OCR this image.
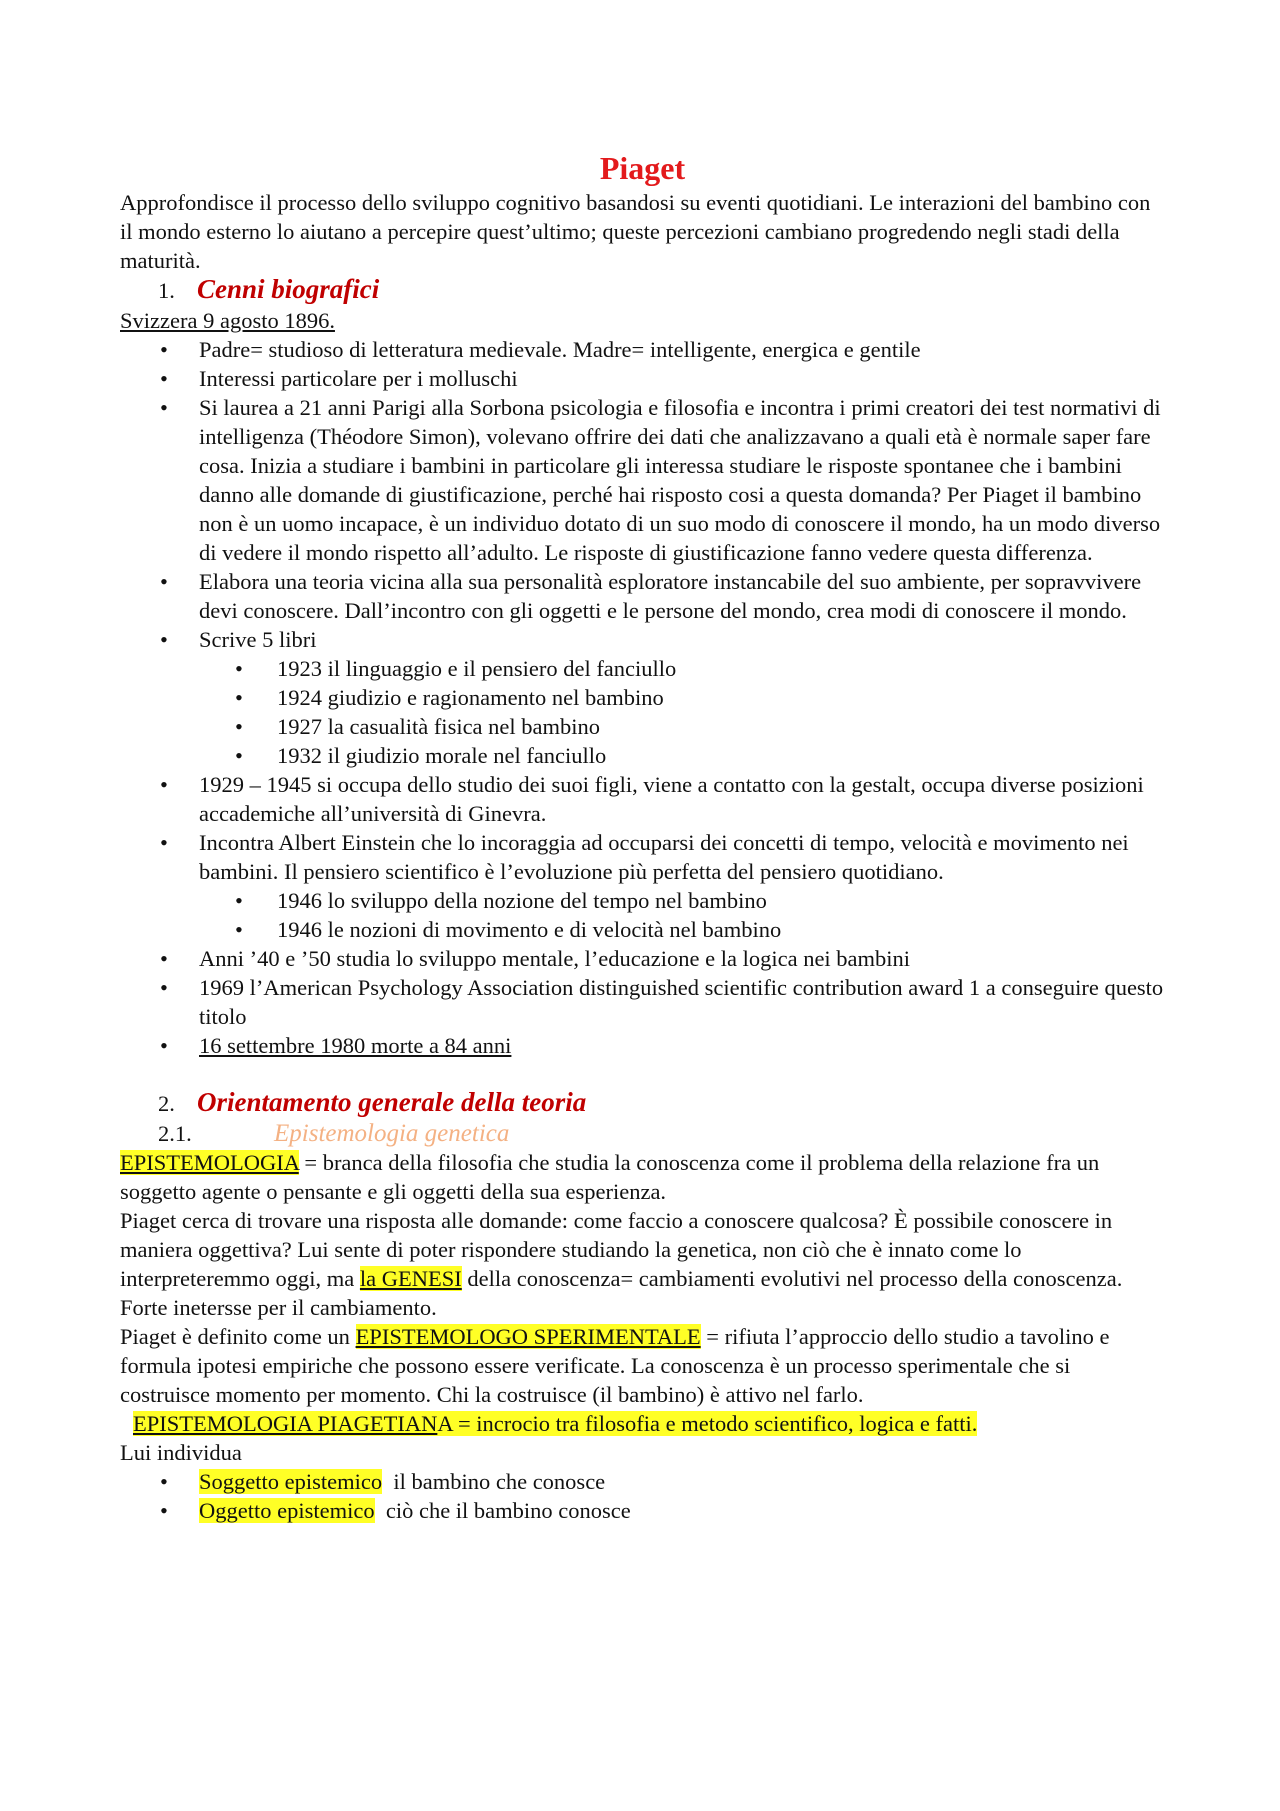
Piaget

Approfondisce il processo dello sviluppo cognitivo basandosi su eventi quotidiani. Le interazioni del bambino con il mondo esterno lo aiutano a percepire quest’ultimo; queste percezioni cambiano progredendo negli stadi della maturità.

1. Cenni biografici

Svizzera 9 agosto 1896.

• Padre= studioso di letteratura medievale. Madre= intelligente, energica e gentile
• Interessi particolare per i molluschi
• Si laurea a 21 anni Parigi alla Sorbona psicologia e filosofia e incontra i primi creatori dei test normativi di intelligenza (Théodore Simon), volevano offrire dei dati che analizzavano a quali età è normale saper fare cosa. Inizia a studiare i bambini in particolare gli interessa studiare le risposte spontanee che i bambini danno alle domande di giustificazione, perché hai risposto cosi a questa domanda? Per Piaget il bambino non è un uomo incapace, è un individuo dotato di un suo modo di conoscere il mondo, ha un modo diverso di vedere il mondo rispetto all’adulto. Le risposte di giustificazione fanno vedere questa differenza.
• Elabora una teoria vicina alla sua personalità esploratore instancabile del suo ambiente, per sopravvivere devi conoscere. Dall’incontro con gli oggetti e le persone del mondo, crea modi di conoscere il mondo.
• Scrive 5 libri
• 1923 il linguaggio e il pensiero del fanciullo
• 1924 giudizio e ragionamento nel bambino
• 1927 la casualità fisica nel bambino
• 1932 il giudizio morale nel fanciullo
• 1929 – 1945 si occupa dello studio dei suoi figli, viene a contatto con la gestalt, occupa diverse posizioni accademiche all’università di Ginevra.
• Incontra Albert Einstein che lo incoraggia ad occuparsi dei concetti di tempo, velocità e movimento nei bambini. Il pensiero scientifico è l’evoluzione più perfetta del pensiero quotidiano.
• 1946 lo sviluppo della nozione del tempo nel bambino
• 1946 le nozioni di movimento e di velocità nel bambino
• Anni ’40 e ’50 studia lo sviluppo mentale, l’educazione e la logica nei bambini
• 1969 l’American Psychology Association distinguished scientific contribution award 1 a conseguire questo titolo
• 16 settembre 1980 morte a 84 anni
2. Orientamento generale della teoria
2.1.	Epistemologia genetica

EPISTEMOLOGIA = branca della filosofia che studia la conoscenza come il problema della relazione fra un soggetto agente o pensante e gli oggetti della sua esperienza.

Piaget cerca di trovare una risposta alle domande: come faccio a conoscere qualcosa? È possibile conoscere in maniera oggettiva? Lui sente di poter rispondere studiando la genetica, non ciò che è innato come lo interpreteremmo oggi, ma la GENESI della conoscenza= cambiamenti evolutivi nel processo della conoscenza. Forte inetersse per il cambiamento.

Piaget è definito come un EPISTEMOLOGO SPERIMENTALE = rifiuta l’approccio dello studio a tavolino e formula ipotesi empiriche che possono essere verificate. La conoscenza è un processo sperimentale che si costruisce momento per momento. Chi la costruisce (il bambino) è attivo nel farlo.

EPISTEMOLOGIA PIAGETIANA = incrocio tra filosofia e metodo scientifico, logica e fatti.

Lui individua

• Soggetto epistemico  il bambino che conosce
• Oggetto epistemico  ciò che il bambino conosce
